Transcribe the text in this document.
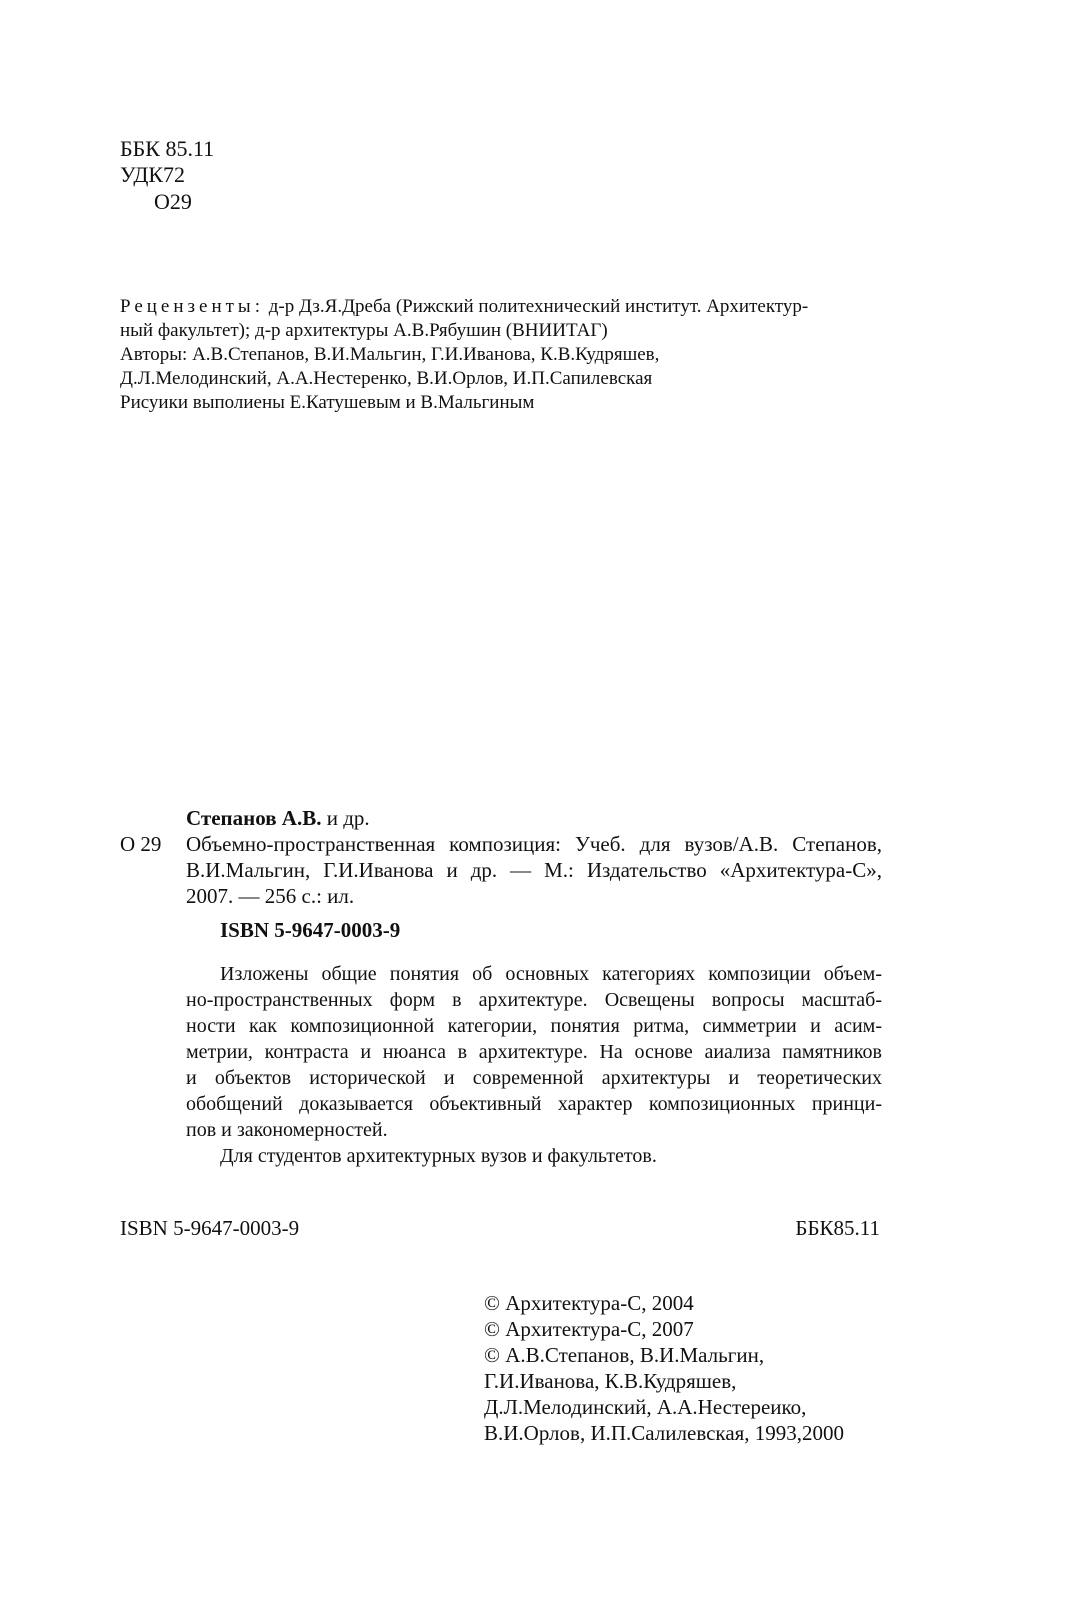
ББК 85.11
УДК72
О29
Рецензенты: д-р Дз.Я.Дреба (Рижский политехнический институт. Архитектур-
ный факультет); д-р архитектуры А.В.Рябушин (ВНИИТАГ)
Авторы: А.В.Степанов, В.И.Мальгин, Г.И.Иванова, К.В.Кудряшев,
Д.Л.Мелодинский, А.А.Нестеренко, В.И.Орлов, И.П.Сапилевская
Рисуики выполиены Е.Катушевым и В.Мальгиным
Степанов А.В. и др.
О 29 Объемно-пространственная композиция: Учеб. для вузов/А.В. Степанов,
В.И.Мальгин, Г.И.Иванова и др. — М.: Издательство «Архитектура-С»,
2007. — 256 с.: ил.
ISBN 5-9647-0003-9
Изложены общие понятия об основных категориях композиции объем-
но-пространственных форм в архитектуре. Освещены вопросы масштаб-
ности как композиционной категории, понятия ритма, симметрии и асим-
метрии, контраста и нюанса в архитектуре. На основе аиализа памятников
и объектов исторической и современной архитектуры и теоретических
обобщений доказывается объективный характер композиционных принци-
пов и закономерностей.
Для студентов архитектурных вузов и факультетов.
ISBN 5-9647-0003-9	ББК85.11
© Архитектура-С, 2004
© Архитектура-С, 2007
© А.В.Степанов, В.И.Мальгин,
Г.И.Иванова, К.В.Кудряшев,
Д.Л.Мелодинский, А.А.Нестереико,
В.И.Орлов, И.П.Салилевская, 1993,2000
